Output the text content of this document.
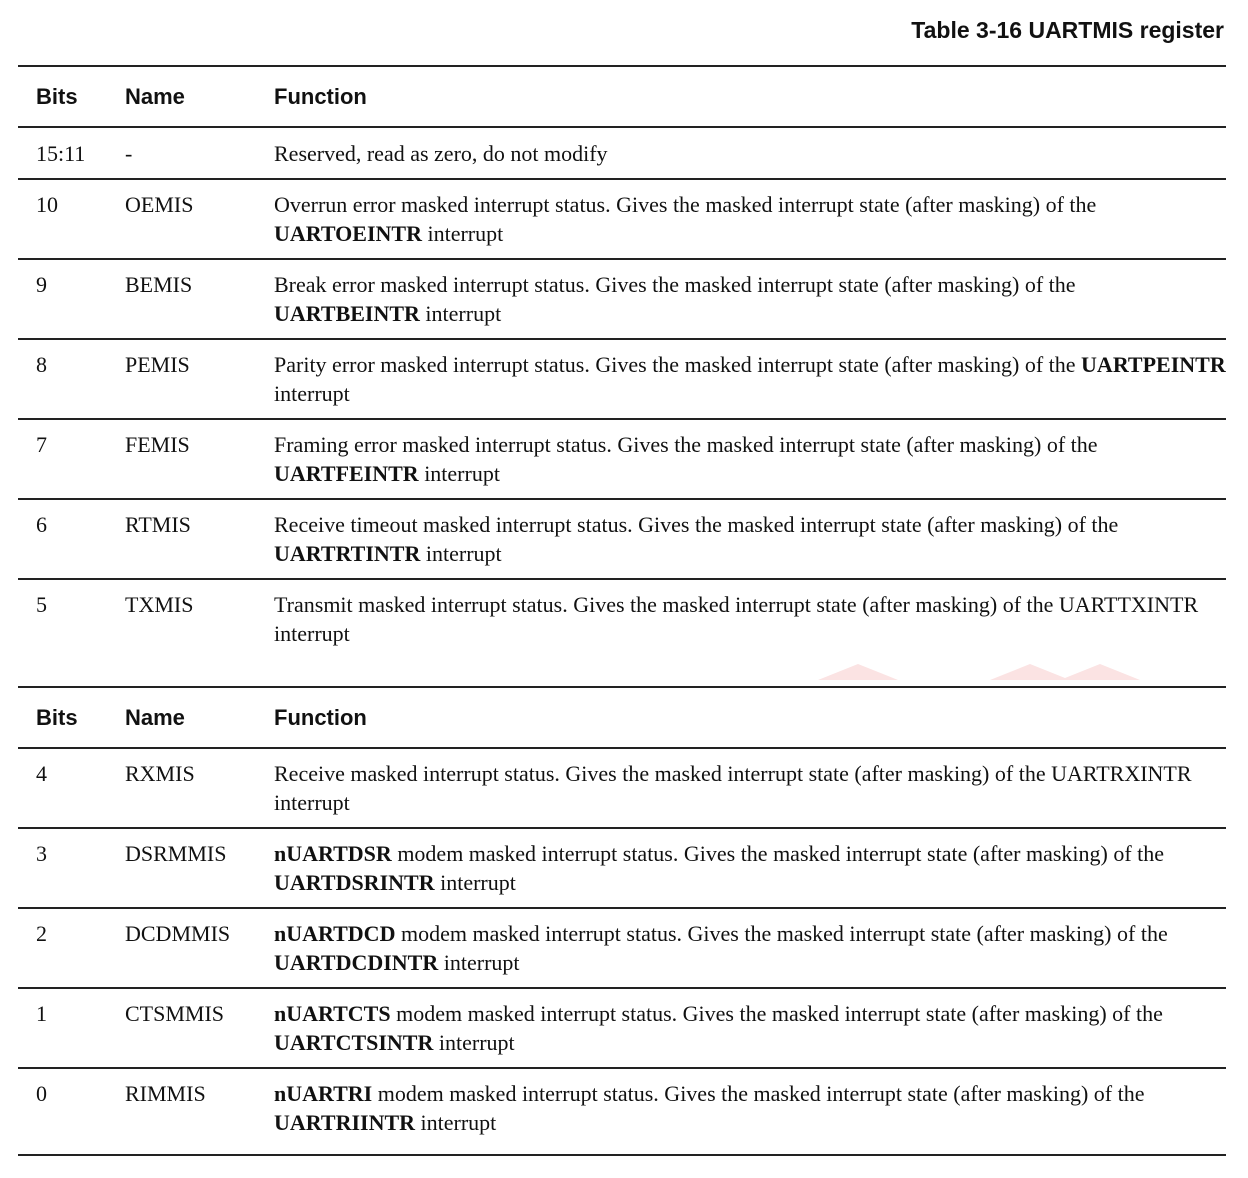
Table 3-16 UARTMIS register
Bits	Name	Function
15:11	-	Reserved, read as zero, do not modify
10	OEMIS	Overrun error masked interrupt status. Gives the masked interrupt state (after masking) of the UARTOEINTR interrupt
9	BEMIS	Break error masked interrupt status. Gives the masked interrupt state (after masking) of the UARTBEINTR interrupt
8	PEMIS	Parity error masked interrupt status. Gives the masked interrupt state (after masking) of the UARTPEINTR interrupt
7	FEMIS	Framing error masked interrupt status. Gives the masked interrupt state (after masking) of the UARTFEINTR interrupt
6	RTMIS	Receive timeout masked interrupt status. Gives the masked interrupt state (after masking) of the UARTRTINTR interrupt
5	TXMIS	Transmit masked interrupt status. Gives the masked interrupt state (after masking) of the UARTTXINTR interrupt
Bits	Name	Function
4	RXMIS	Receive masked interrupt status. Gives the masked interrupt state (after masking) of the UARTRXINTR interrupt
3	DSRMMIS	nUARTDSR modem masked interrupt status. Gives the masked interrupt state (after masking) of the UARTDSRINTR interrupt
2	DCDMMIS	nUARTDCD modem masked interrupt status. Gives the masked interrupt state (after masking) of the UARTDCDINTR interrupt
1	CTSMMIS	nUARTCTS modem masked interrupt status. Gives the masked interrupt state (after masking) of the UARTCTSINTR interrupt
0	RIMMIS	nUARTRI modem masked interrupt status. Gives the masked interrupt state (after masking) of the UARTRIINTR interrupt
